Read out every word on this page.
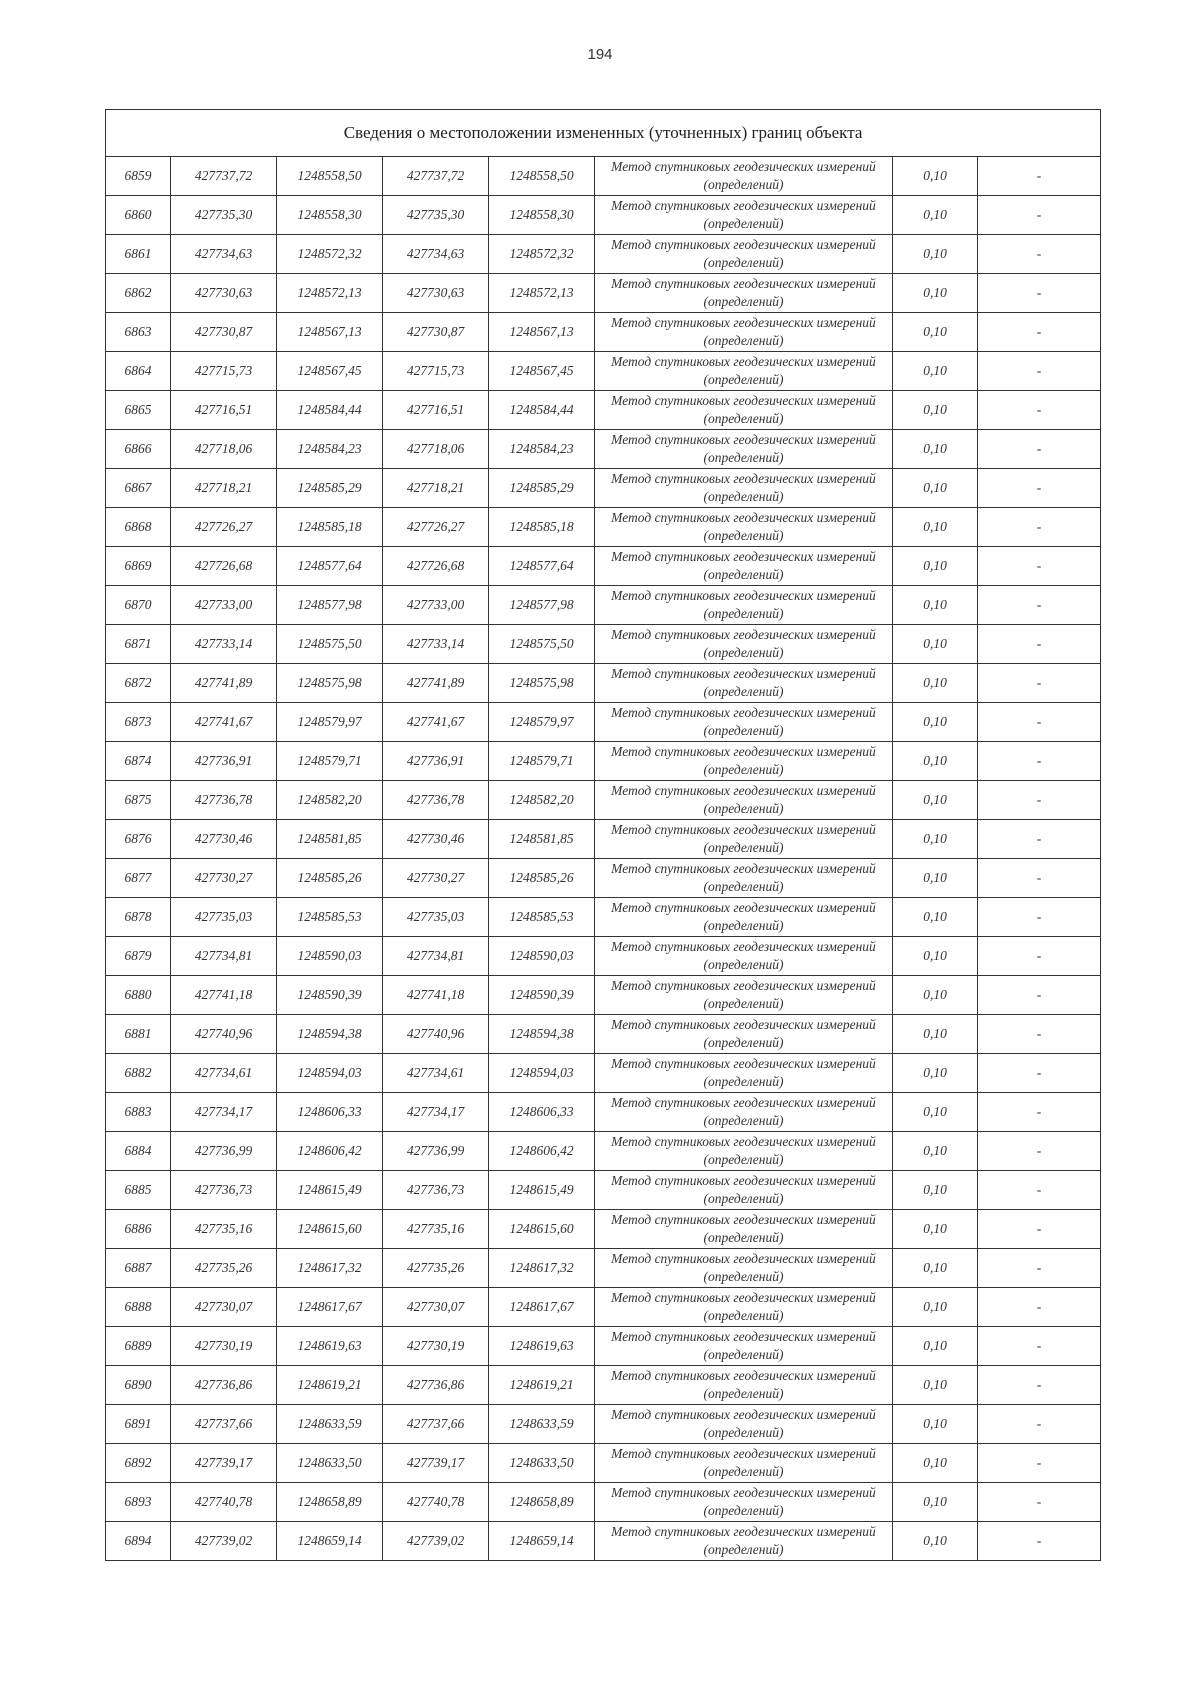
194
Сведения о местоположении измененных (уточненных) границ объекта							
6859	427737,72	1248558,50	427737,72	1248558,50	Метод спутниковых геодезических измерений (определений)	0,10	-
6860	427735,30	1248558,30	427735,30	1248558,30	Метод спутниковых геодезических измерений (определений)	0,10	-
6861	427734,63	1248572,32	427734,63	1248572,32	Метод спутниковых геодезических измерений (определений)	0,10	-
6862	427730,63	1248572,13	427730,63	1248572,13	Метод спутниковых геодезических измерений (определений)	0,10	-
6863	427730,87	1248567,13	427730,87	1248567,13	Метод спутниковых геодезических измерений (определений)	0,10	-
6864	427715,73	1248567,45	427715,73	1248567,45	Метод спутниковых геодезических измерений (определений)	0,10	-
6865	427716,51	1248584,44	427716,51	1248584,44	Метод спутниковых геодезических измерений (определений)	0,10	-
6866	427718,06	1248584,23	427718,06	1248584,23	Метод спутниковых геодезических измерений (определений)	0,10	-
6867	427718,21	1248585,29	427718,21	1248585,29	Метод спутниковых геодезических измерений (определений)	0,10	-
6868	427726,27	1248585,18	427726,27	1248585,18	Метод спутниковых геодезических измерений (определений)	0,10	-
6869	427726,68	1248577,64	427726,68	1248577,64	Метод спутниковых геодезических измерений (определений)	0,10	-
6870	427733,00	1248577,98	427733,00	1248577,98	Метод спутниковых геодезических измерений (определений)	0,10	-
6871	427733,14	1248575,50	427733,14	1248575,50	Метод спутниковых геодезических измерений (определений)	0,10	-
6872	427741,89	1248575,98	427741,89	1248575,98	Метод спутниковых геодезических измерений (определений)	0,10	-
6873	427741,67	1248579,97	427741,67	1248579,97	Метод спутниковых геодезических измерений (определений)	0,10	-
6874	427736,91	1248579,71	427736,91	1248579,71	Метод спутниковых геодезических измерений (определений)	0,10	-
6875	427736,78	1248582,20	427736,78	1248582,20	Метод спутниковых геодезических измерений (определений)	0,10	-
6876	427730,46	1248581,85	427730,46	1248581,85	Метод спутниковых геодезических измерений (определений)	0,10	-
6877	427730,27	1248585,26	427730,27	1248585,26	Метод спутниковых геодезических измерений (определений)	0,10	-
6878	427735,03	1248585,53	427735,03	1248585,53	Метод спутниковых геодезических измерений (определений)	0,10	-
6879	427734,81	1248590,03	427734,81	1248590,03	Метод спутниковых геодезических измерений (определений)	0,10	-
6880	427741,18	1248590,39	427741,18	1248590,39	Метод спутниковых геодезических измерений (определений)	0,10	-
6881	427740,96	1248594,38	427740,96	1248594,38	Метод спутниковых геодезических измерений (определений)	0,10	-
6882	427734,61	1248594,03	427734,61	1248594,03	Метод спутниковых геодезических измерений (определений)	0,10	-
6883	427734,17	1248606,33	427734,17	1248606,33	Метод спутниковых геодезических измерений (определений)	0,10	-
6884	427736,99	1248606,42	427736,99	1248606,42	Метод спутниковых геодезических измерений (определений)	0,10	-
6885	427736,73	1248615,49	427736,73	1248615,49	Метод спутниковых геодезических измерений (определений)	0,10	-
6886	427735,16	1248615,60	427735,16	1248615,60	Метод спутниковых геодезических измерений (определений)	0,10	-
6887	427735,26	1248617,32	427735,26	1248617,32	Метод спутниковых геодезических измерений (определений)	0,10	-
6888	427730,07	1248617,67	427730,07	1248617,67	Метод спутниковых геодезических измерений (определений)	0,10	-
6889	427730,19	1248619,63	427730,19	1248619,63	Метод спутниковых геодезических измерений (определений)	0,10	-
6890	427736,86	1248619,21	427736,86	1248619,21	Метод спутниковых геодезических измерений (определений)	0,10	-
6891	427737,66	1248633,59	427737,66	1248633,59	Метод спутниковых геодезических измерений (определений)	0,10	-
6892	427739,17	1248633,50	427739,17	1248633,50	Метод спутниковых геодезических измерений (определений)	0,10	-
6893	427740,78	1248658,89	427740,78	1248658,89	Метод спутниковых геодезических измерений (определений)	0,10	-
6894	427739,02	1248659,14	427739,02	1248659,14	Метод спутниковых геодезических измерений (определений)	0,10	-
